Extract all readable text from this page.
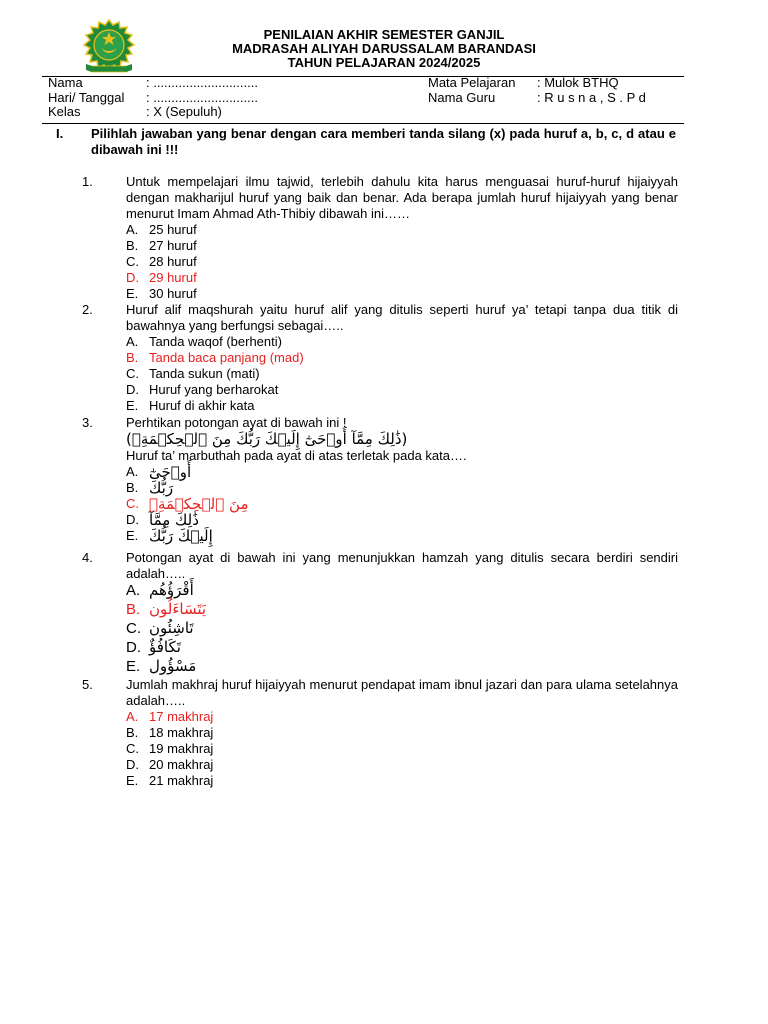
PENILAIAN AKHIR SEMESTER GANJIL
MADRASAH ALIYAH DARUSSALAM BARANDASI
TAHUN PELAJARAN 2024/2025
Nama	: .............................	Mata Pelajaran : Mulok BTHQ
Hari/ Tanggal : .............................	Nama Guru	: R u s n a , S . P d
Kelas	: X (Sepuluh)
I. Pilihlah jawaban yang benar dengan cara memberi tanda silang (x) pada huruf a, b, c, d atau e dibawah ini !!!
1.	Untuk mempelajari ilmu tajwid, terlebih dahulu kita harus menguasai huruf-huruf hijaiyyah dengan makharijul huruf yang baik dan benar. Ada berapa jumlah huruf hijaiyyah yang benar menurut Imam Ahmad Ath-Thibiy dibawah ini……
A. 25 huruf
B. 27 huruf
C. 28 huruf
D. 29 huruf
E. 30 huruf
2.	Huruf alif maqshurah yaitu huruf alif yang ditulis seperti huruf ya’ tetapi tanpa dua titik di bawahnya yang berfungsi sebagai…..
A. Tanda waqof (berhenti)
B. Tanda baca panjang (mad)
C. Tanda sukun (mati)
D. Huruf yang berharokat
E. Huruf di akhir kata
3.	Perhtikan potongan ayat di bawah ini !
(ذَٰلِكَ مِمَّآ أَوۡحَىٰٓ إِلَيۡكَ رَبُّكَ مِنَ ٱلۡحِكۡمَةِۗ)
Huruf ta’ marbuthah pada ayat di atas terletak pada kata….
A. أَوۡحَىٰٓ
B. رَبُّكَ
C. مِنَ ٱلۡحِكۡمَةِۗ
D. ذَٰلِكَ مِمَّآ
E. إِلَيۡكَ رَبُّكَ
4.	Potongan ayat di bawah ini yang menunjukkan hamzah yang ditulis secara berdiri sendiri adalah…..
A. أَقْرَؤُهُم
B. يَتَسَاءَلُون
C. تَاشِئُون
D. تَكَافُؤٌ
E. مَسْؤُول
5.	Jumlah makhraj huruf hijaiyyah menurut pendapat imam ibnul jazari dan para ulama setelahnya adalah…..
A. 17 makhraj
B. 18 makhraj
C. 19 makhraj
D. 20 makhraj
E. 21 makhraj
